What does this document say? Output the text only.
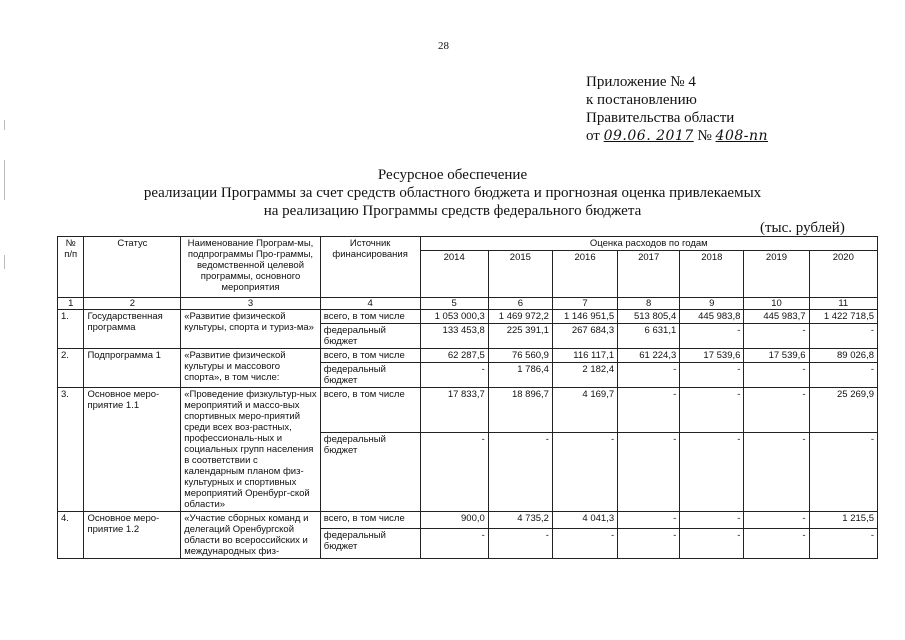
28
Приложение № 4
к постановлению
Правительства области
от 09.06. 2017 № 408-пп
Ресурсное обеспечение
реализации Программы за счет средств областного бюджета и прогнозная оценка привлекаемых
на реализацию Программы средств федерального бюджета
(тыс. рублей)
№ п/п	Статус	Наименование Програм-мы, подпрограммы Про-граммы, ведомственной целевой программы, основного мероприятия	Источник финансирования	Оценка расходов по годам						
				2014	2015	2016	2017	2018	2019	2020
1	2	3	4	5	6	7	8	9	10	11
1.	Государственная программа	«Развитие физической культуры, спорта и туриз-ма»	всего, в том числе	1 053 000,3	1 469 972,2	1 146 951,5	513 805,4	445 983,8	445 983,7	1 422 718,5
			федеральный бюджет	133 453,8	225 391,1	267 684,3	6 631,1	-	-	-
2.	Подпрограмма 1	«Развитие физической культуры и массового спорта», в том числе:	всего, в том числе	62 287,5	76 560,9	116 117,1	61 224,3	17 539,6	17 539,6	89 026,8
			федеральный бюджет	-	1 786,4	2 182,4	-	-	-	-
3.	Основное меро-приятие 1.1	«Проведение физкультур-ных мероприятий и массо-вых спортивных меро-приятий среди всех воз-растных, профессиональ-ных и социальных групп населения в соответствии с календарным планом физ-культурных и спортивных мероприятий Оренбург-ской области»	всего, в том числе	17 833,7	18 896,7	4 169,7	-	-	-	25 269,9
			федеральный бюджет	-	-	-	-	-	-	-
4.	Основное меро-приятие 1.2	«Участие сборных команд и делегаций Оренбургской области во всероссийских и международных физ-	всего, в том числе	900,0	4 735,2	4 041,3	-	-	-	1 215,5
			федеральный бюджет	-	-	-	-	-	-	-
